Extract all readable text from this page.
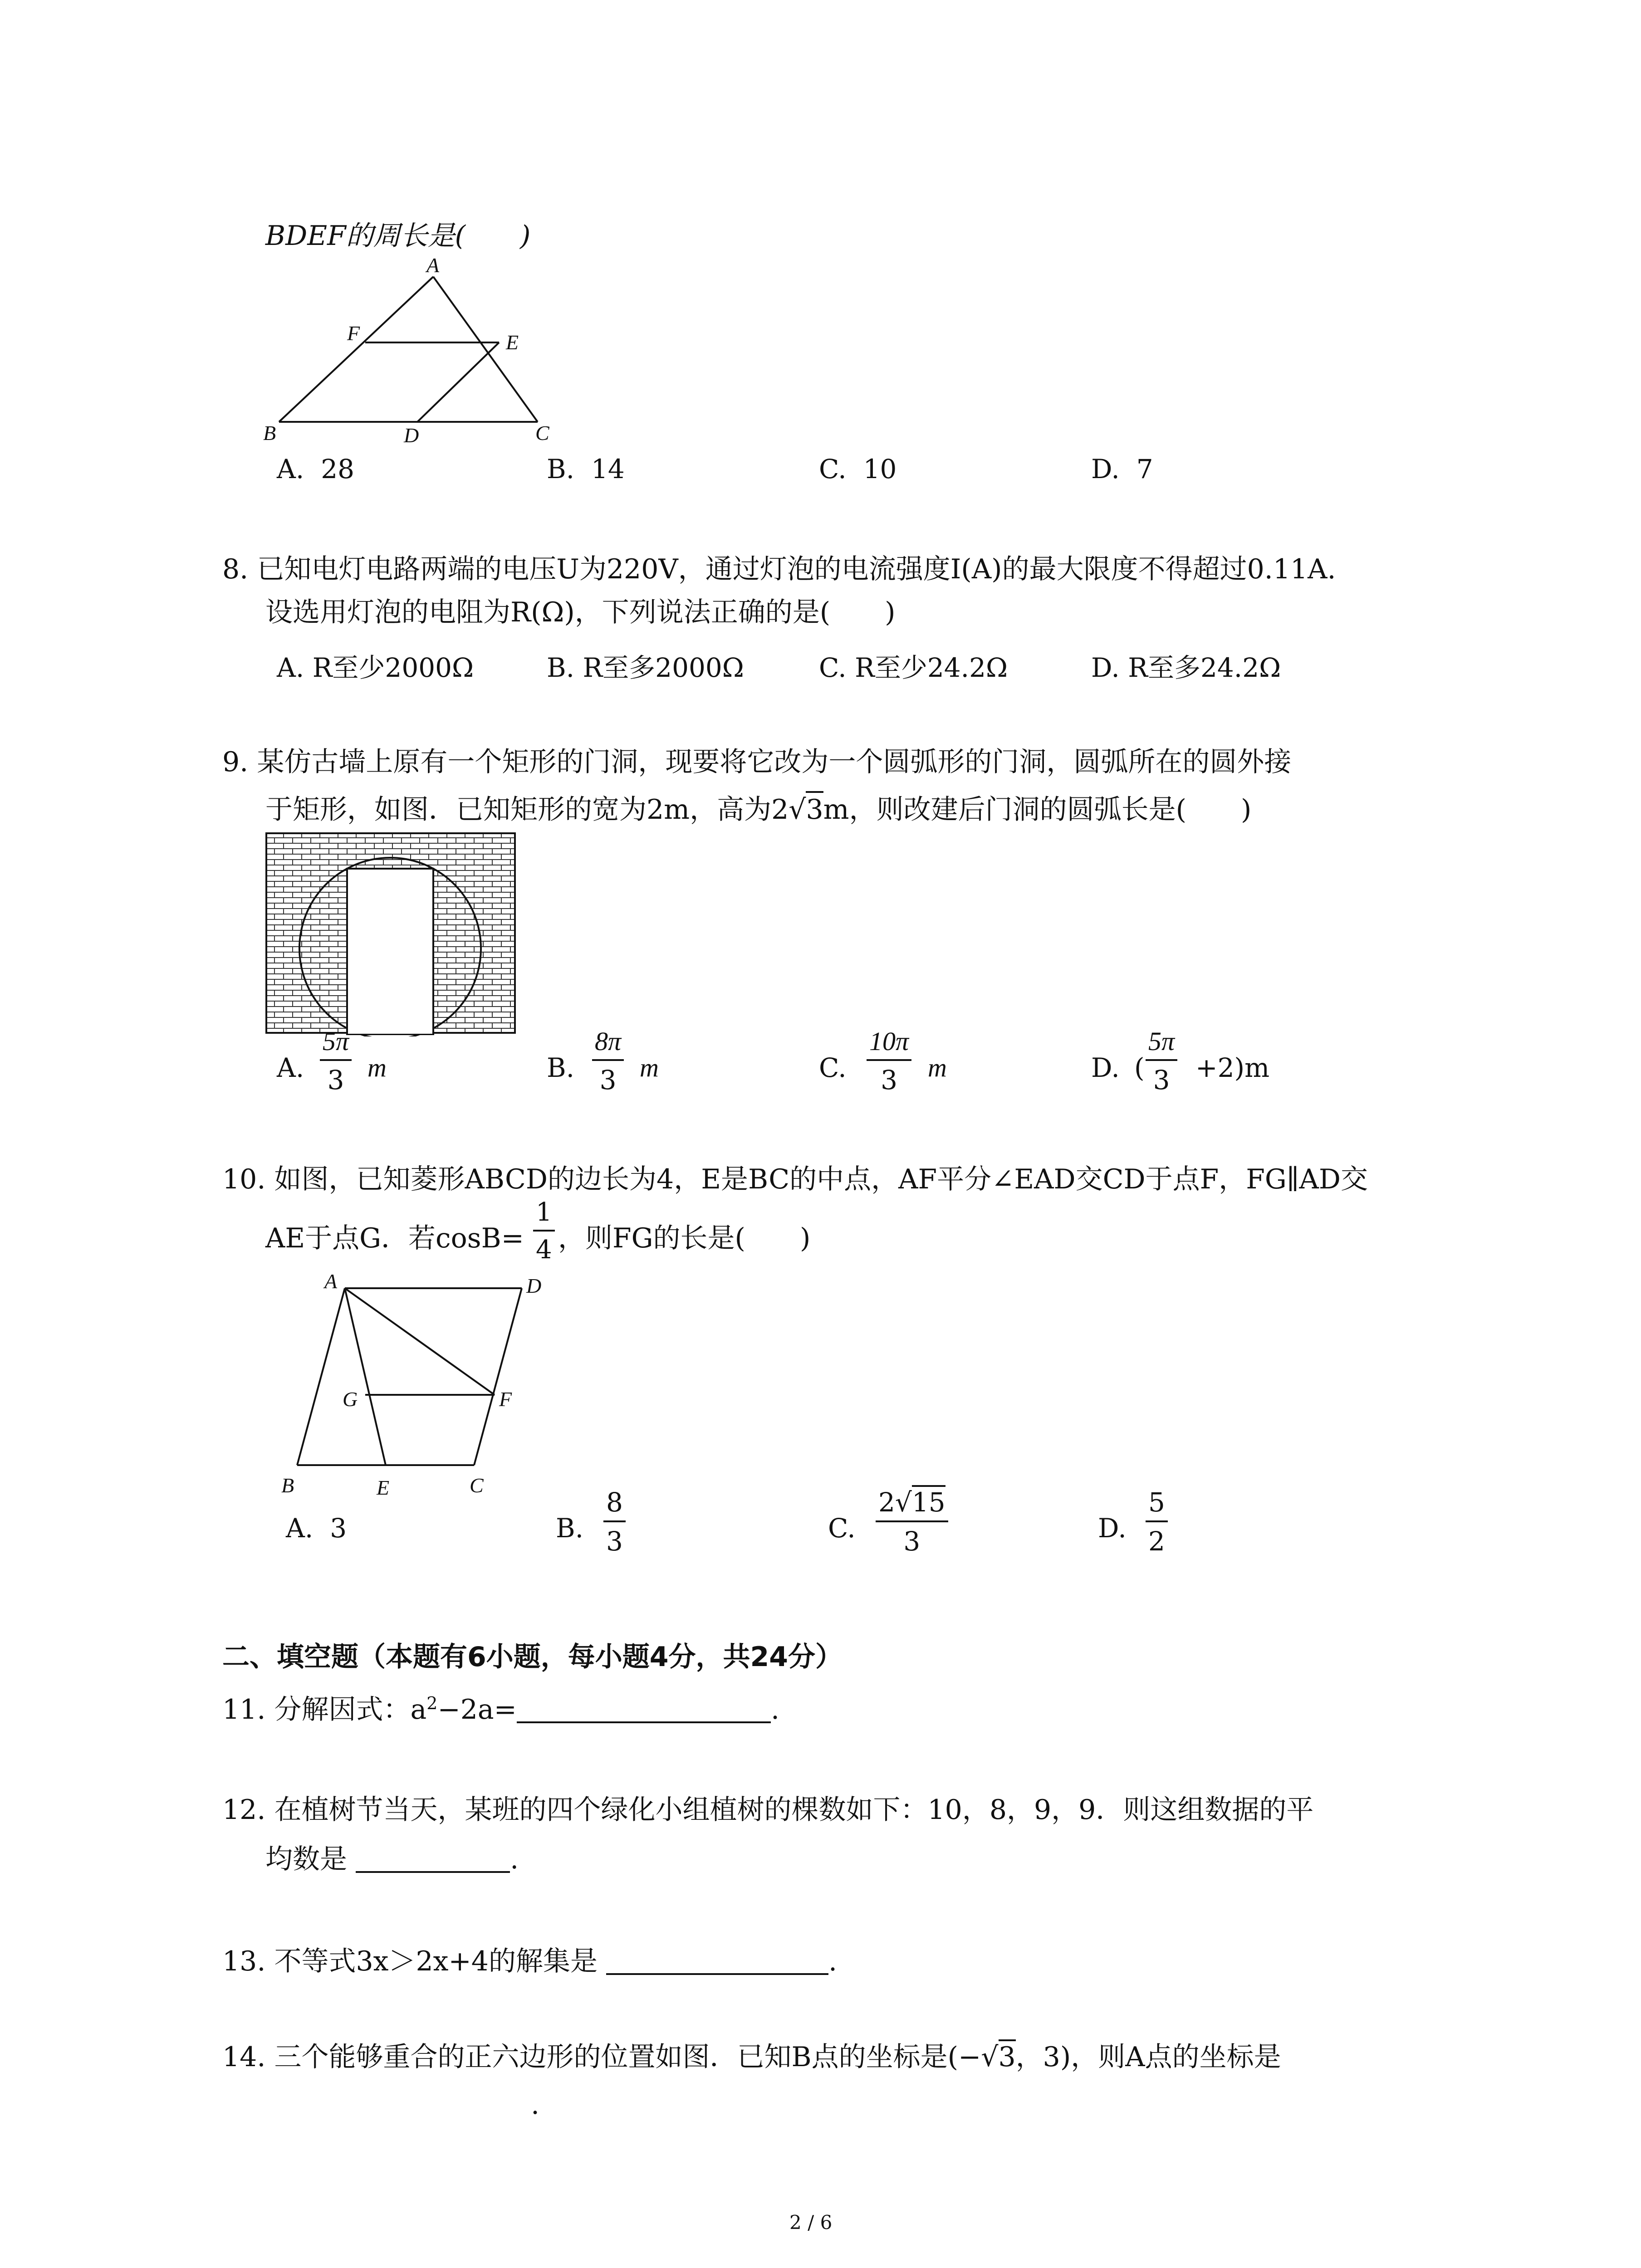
BDEF的周长是(　　)
A
F	E
B	D	C
A. 28	B. 14	C. 10	D. 7
8. 已知电灯电路两端的电压U为220V，通过灯泡的电流强度I(A)的最大限度不得超过0.11A.
设选用灯泡的电阻为R(Ω)，下列说法正确的是(　　)
A. R至少2000Ω	B. R至多2000Ω	C. R至少24.2Ω	D. R至多24.2Ω
9. 某仿古墙上原有一个矩形的门洞，现要将它改为一个圆弧形的门洞，圆弧所在的圆外接
于矩形，如图．已知矩形的宽为2m，高为2√3m，则改建后门洞的圆弧长是(　　)
A. $\frac{5\pi}{3}$ m	B. $\frac{8\pi}{3}$ m	C. $\frac{10\pi}{3}$ m	D. ( $\frac{5\pi}{3} +2)m$
10. 如图，已知菱形ABCD的边长为4，E是BC的中点，AF平分∠EAD交CD于点F，FG∥AD交
AE于点G．若$\cos B= \frac{1}{4}$ ，则FG的长是(　　)
A	D
G	F
B	E	C
A. 3	B. $\frac{8}{3}$	C. $\frac{2√15}{3}$	D. $\frac{5}{2}$
二、填空题（本题有6小题，每小题4分，共24分）
11. 分解因式：$a^2-2a=$	.
12. 在植树节当天，某班的四个绿化小组植树的棵数如下：10，8，9，9．则这组数据的平
均数是	.
13. 不等式3x＞2x+4的解集是	.
14. 三个能够重合的正六边形的位置如图．已知B点的坐标是(−√3，3)，则A点的坐标是
.
2 / 6
